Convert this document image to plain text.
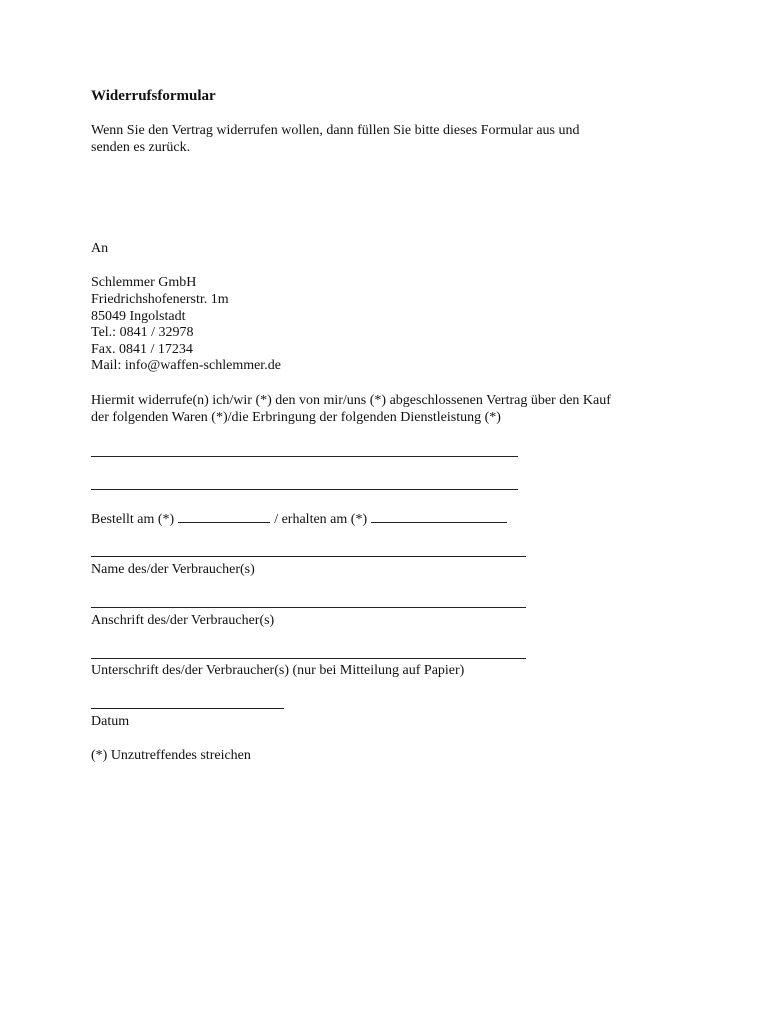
Widerrufsformular
Wenn Sie den Vertrag widerrufen wollen, dann füllen Sie bitte dieses Formular aus und
senden es zurück.
An
Schlemmer GmbH
Friedrichshofenerstr. 1m
85049 Ingolstadt
Tel.: 0841 / 32978
Fax. 0841 / 17234
Mail: info@waffen-schlemmer.de
Hiermit widerrufe(n) ich/wir (*) den von mir/uns (*) abgeschlossenen Vertrag über den Kauf
der folgenden Waren (*)/die Erbringung der folgenden Dienstleistung (*)
Bestellt am (*)	/ erhalten am (*)
Name des/der Verbraucher(s)
Anschrift des/der Verbraucher(s)
Unterschrift des/der Verbraucher(s) (nur bei Mitteilung auf Papier)
Datum
(*) Unzutreffendes streichen
